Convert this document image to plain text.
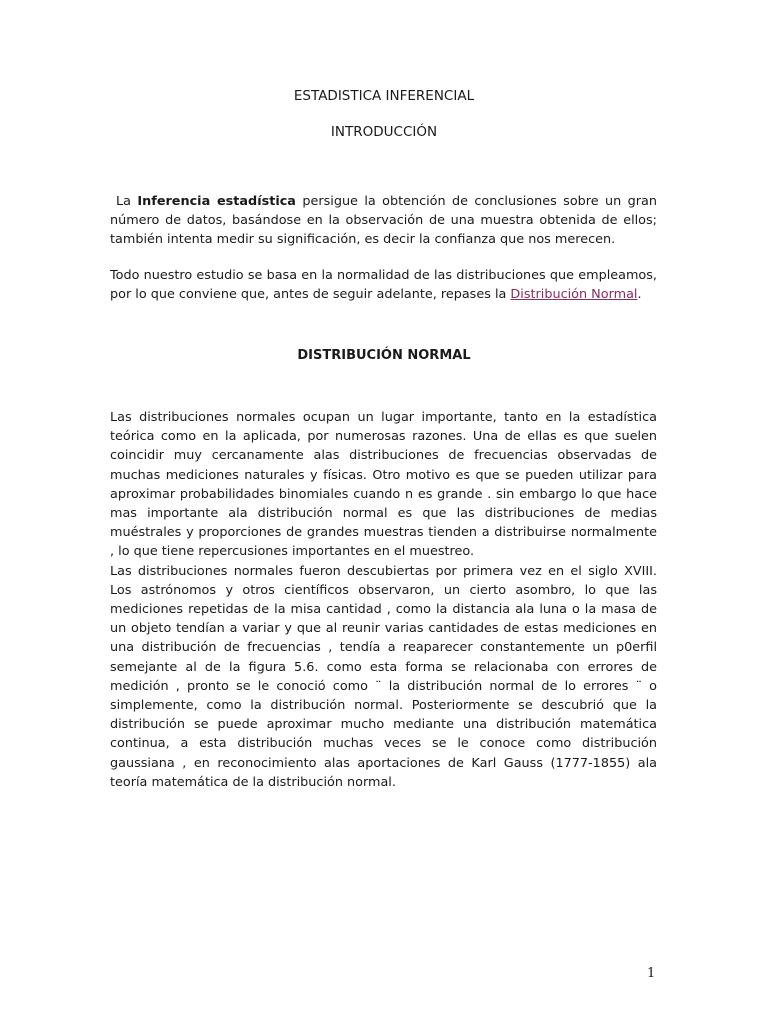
ESTADISTICA INFERENCIAL
INTRODUCCIÓN
La Inferencia estadística persigue la obtención de conclusiones sobre un gran número de datos, basándose en la observación de una muestra obtenida de ellos; también intenta medir su significación, es decir la confianza que nos merecen.
Todo nuestro estudio se basa en la normalidad de las distribuciones que empleamos, por lo que conviene que, antes de seguir adelante, repases la Distribución Normal.
DISTRIBUCIÓN NORMAL
Las distribuciones normales ocupan un lugar importante, tanto en la estadística teórica como en la aplicada, por numerosas razones. Una de ellas es que suelen coincidir muy cercanamente alas distribuciones de frecuencias observadas de muchas mediciones naturales y físicas. Otro motivo es que se pueden utilizar para aproximar probabilidades binomiales cuando n es grande . sin embargo lo que hace mas importante ala distribución normal es que las distribuciones de medias muéstrales y proporciones de grandes muestras tienden a distribuirse normalmente , lo que tiene repercusiones importantes en el muestreo.
Las distribuciones normales fueron descubiertas por primera vez en el siglo XVIII. Los astrónomos y otros científicos observaron, un cierto asombro, lo que las mediciones repetidas de la misa cantidad , como la distancia ala luna o la masa de un objeto tendían a variar y que al reunir varias cantidades de estas mediciones en una distribución de frecuencias , tendía a reaparecer constantemente un p0erfil semejante al de la figura 5.6. como esta forma se relacionaba con errores de medición , pronto se le conoció como ¨ la distribución normal de lo errores ¨ o simplemente, como la distribución normal. Posteriormente se descubrió que la distribución se puede aproximar mucho mediante una distribución matemática continua, a esta distribución muchas veces se le conoce como distribución gaussiana , en reconocimiento alas aportaciones de Karl Gauss (1777-1855) ala teoría matemática de la distribución normal.
1
